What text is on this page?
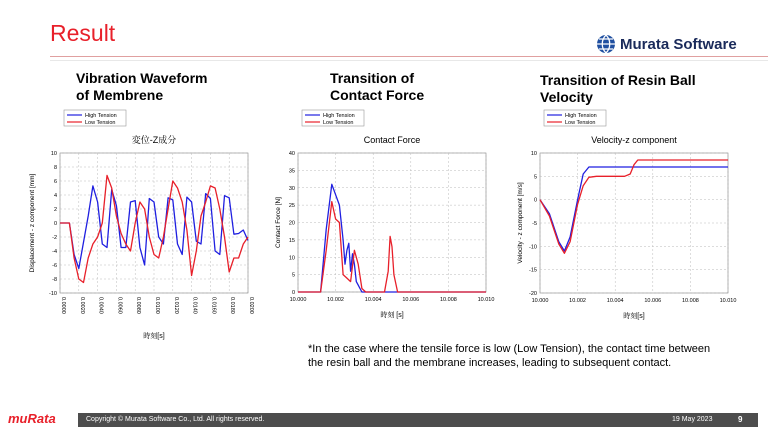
Result	Murata Software
Vibration Waveform
of Membrene
Transition of
Contact Force
Transition of Resin Ball
Velocity
High Tension
Low Tension
変位-Z成分
10
8
6
4
2
0
-2
-4
-6
-8
-10
0.0000 0.0020 0.0040 0.0060 0.0080 0.0100 0.0120 0.0140 0.0160 0.0180 0.0200
時刻[s]
Displacement - z component [mm]
High Tension
Low Tension
Contact Force
40
35
30
25
20
15
10
5
0
10.000	10.002	10.004	10.006	10.008	10.010
時刻 [s]
Contact Force [N]
High Tension
Low Tension
Velocity-z component
10
5
0
-5
-10
-15
-20
10.000	10.002	10.004	10.006	10.008	10.010
時刻[s]
Velocity - z component [m/s]
*In the case where the tensile force is low (Low Tension), the contact time between the resin ball and the membrane increases, leading to subsequent contact.
muRata	Copyright © Murata Software Co., Ltd. All rights reserved.	19 May 2023	9
